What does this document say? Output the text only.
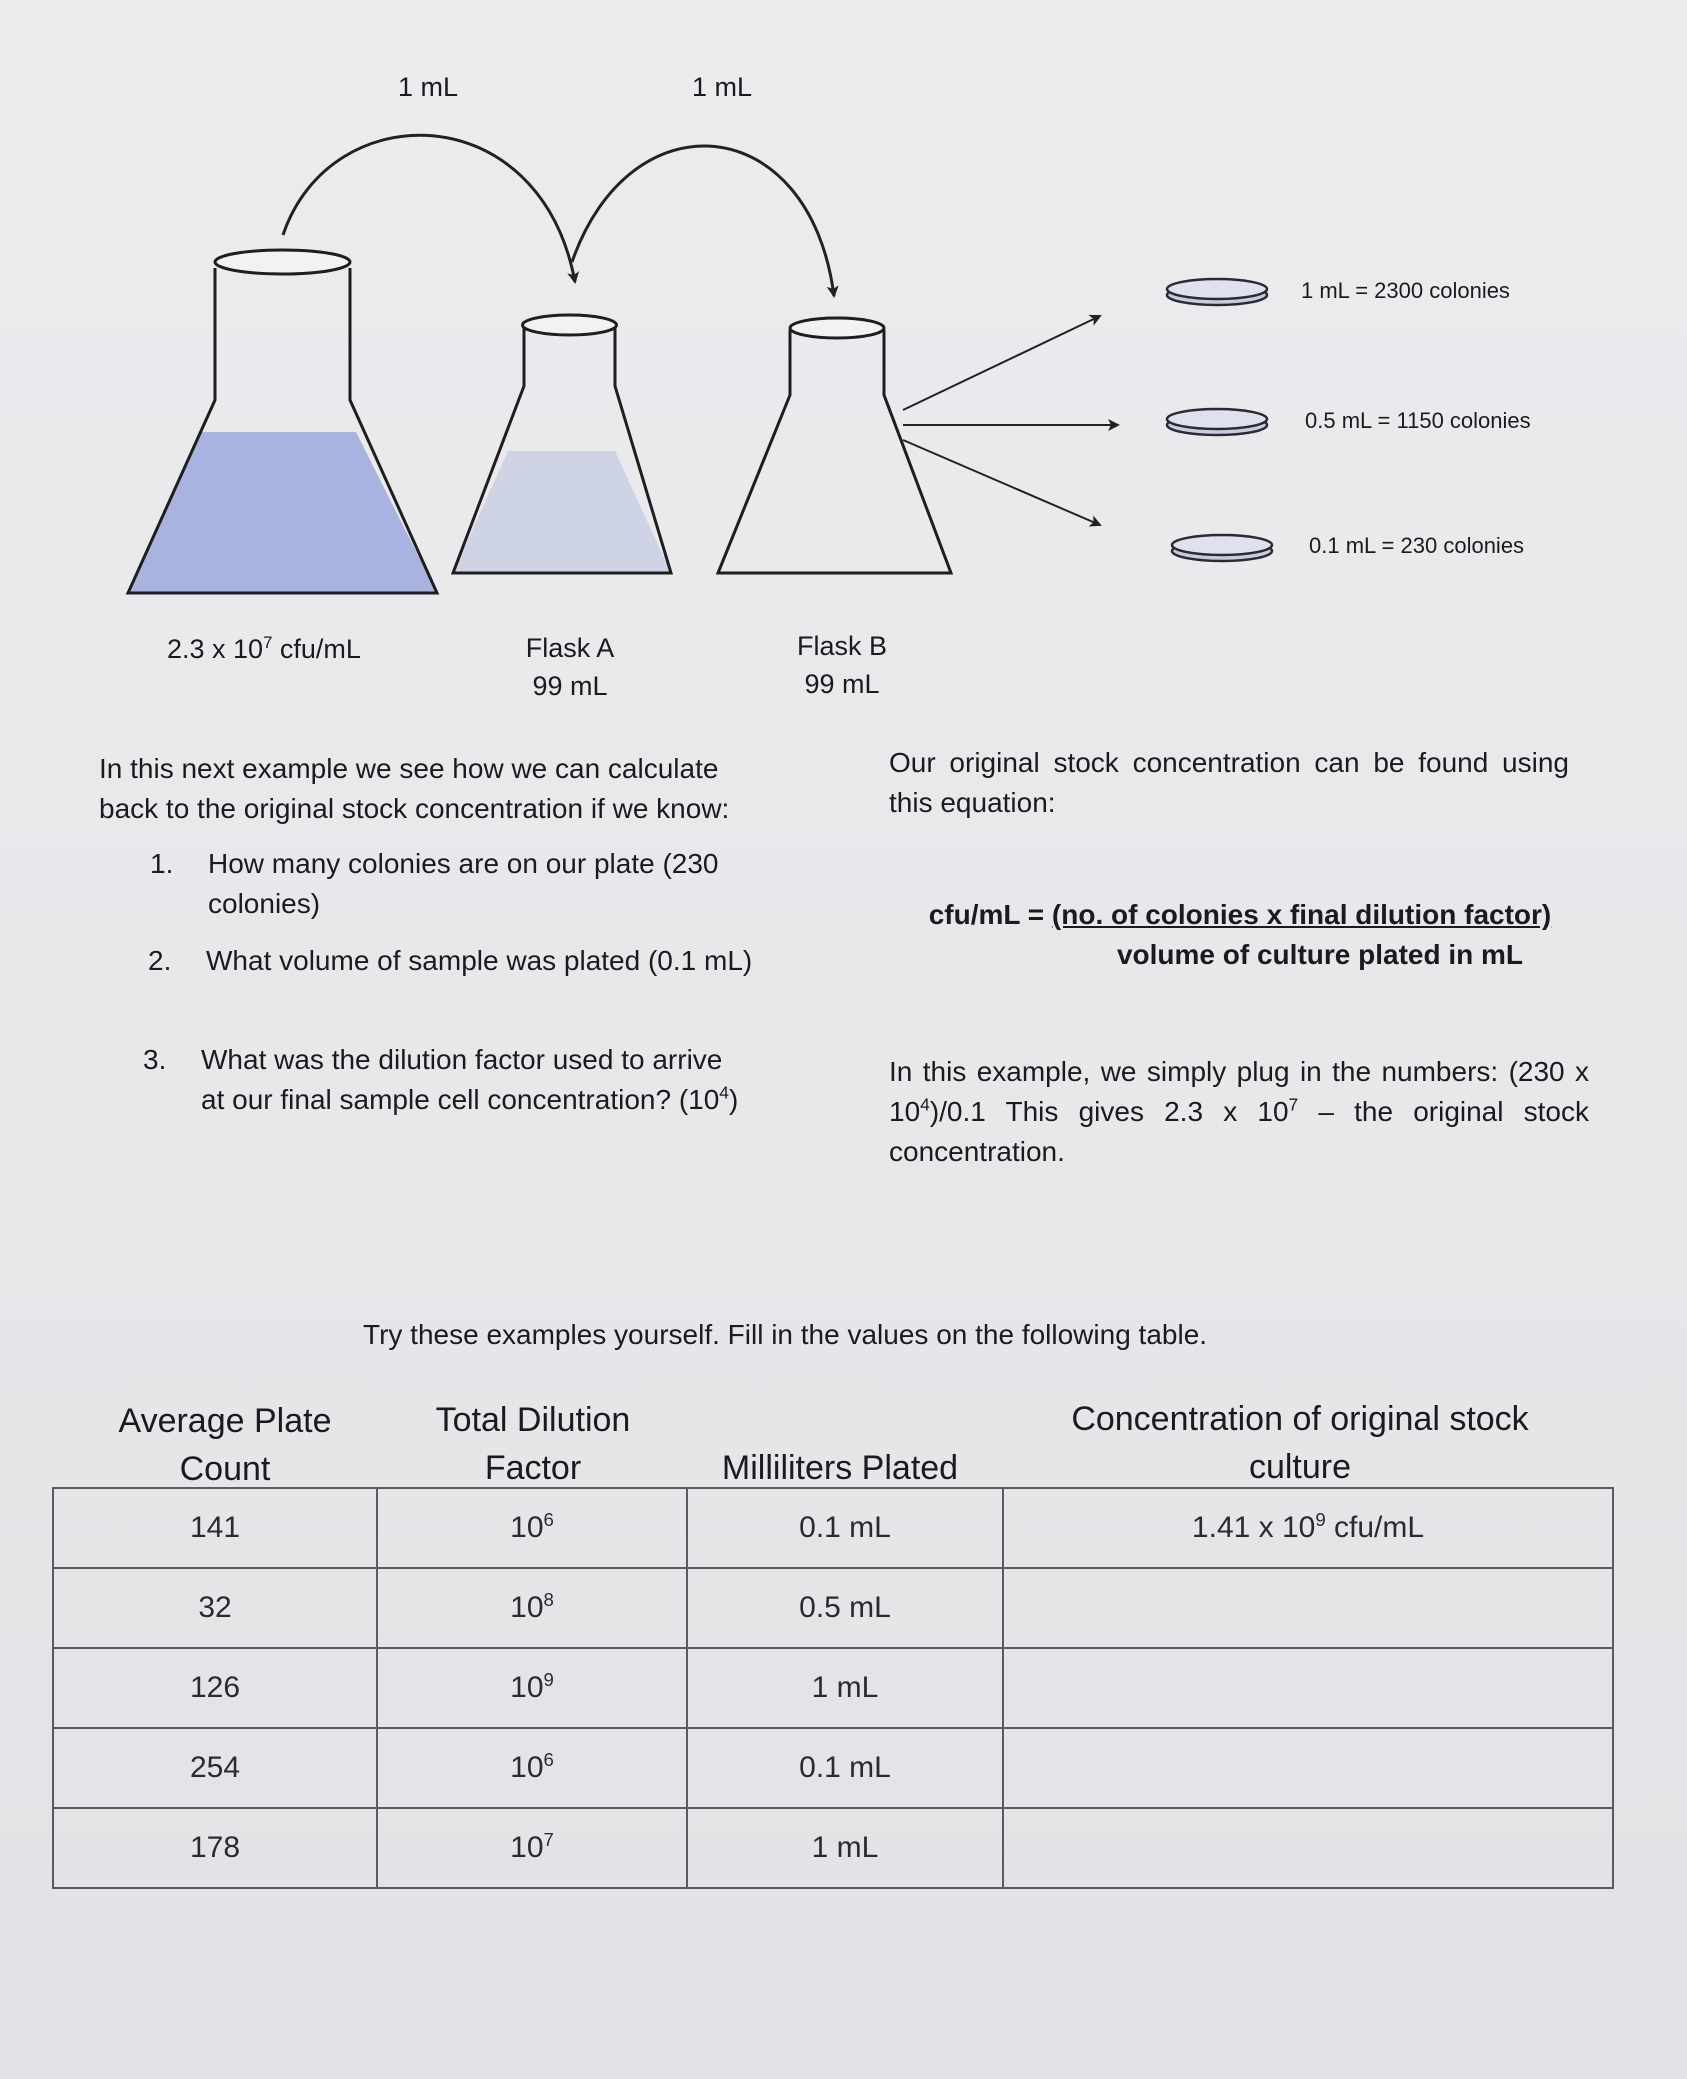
1 mL	1 mL
2.3 x $10^7$ cfu/mL	Flask A
99 mL
Flask B
99 mL
1 mL = 2300 colonies
0.5 mL = 1150 colonies
0.1 mL = 230 colonies
In this next example we see how we can calculate back to the original stock concentration if we know:
1. How many colonies are on our plate (230 colonies)
2. What volume of sample was plated (0.1 mL)
3. What was the dilution factor used to arrive at our final sample cell concentration? $(10^4)$
Our original stock concentration can be found using this equation:
cfu/mL = (no. of colonies x final dilution factor)
volume of culture plated in mL
In this example, we simply plug in the numbers: (230 x $10^4)/0.1$ This gives 2.3 x $10^7$ – the original stock concentration.
Try these examples yourself. Fill in the values on the following table.
Average Plate
Count
Total Dilution
Factor	Milliliters Plated
Concentration of original stock
culture
141	$10^6$	0.1 mL	1.41 x $10^9$ cfu/mL
32	$10^8$	0.5 mL	
126	$10^9$	1 mL	
254	$10^6$	0.1 mL	
178	$10^7$	1 mL	
